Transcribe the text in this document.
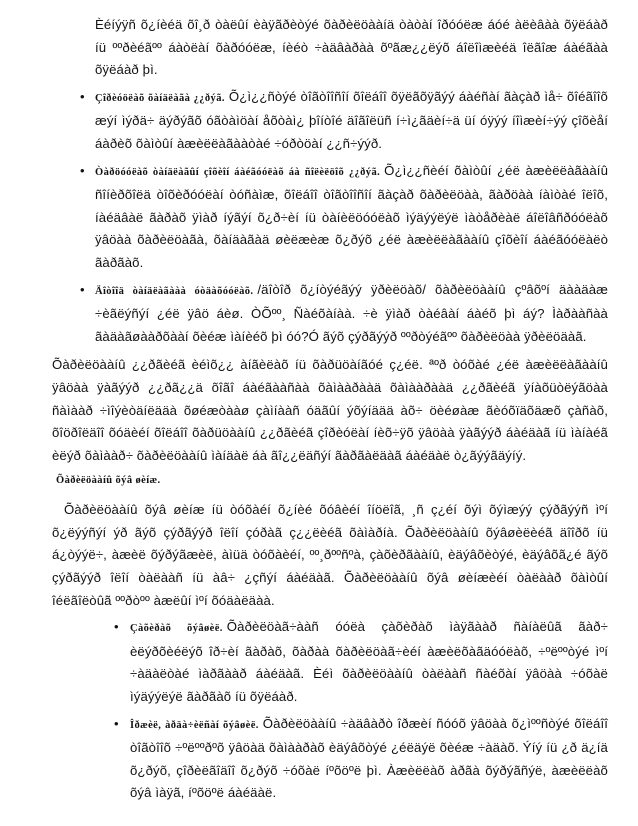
Èéíýÿñ õ¿íèéä õî¸ð òàëûí èàÿãðèòýé õàðèëöààíä òàòàí îðóóëæ áóé àëèâàà õÿëáàð íü ººðèéãºº áàòëàí õàðóóëæ, íèéò ÷àäâàðàà õºãæ¿¿ëýõ áîëîìæèéä îëãîæ áàéãàà õÿëáàð þì.

• Çîðèóöëàõ õàíäëàãà ¿¿ðýã. Õ¿ì¿¿ñòýé òîãòîîñîí õîëáîî õÿëãõÿãýý áàéñàí ãàçàð ìå÷ õîéãîîõ æýí ìýðä÷ äýðýãõ óãòàìöàí åõòàì¿ þîíòîé äîãîëüñ í÷ì¿ãäèí÷ä üí óÿýý íîìæèí÷ýý çîõèåí áàðèõ õàìòûí àæèëëàãààòàé ÷óðòöàí ¿¿ñ÷ýýð.

• Òàðöóóëàõ òàíäëàãûí çîõèîí áàéãóóëàõ áà ñîëèëöîõ ¿¿ðýã. Õ¿ì¿¿ñèéí õàìòûí ¿éë àæèëëàãààíû ñîíèðõîëä òîõèðóóëàí òóñàìæ, õîëáîî òîãòîîñîí ãàçàð õàðèëöàà, ãàðöàà íàìòàé îëîõ, íàéäâàë ãàðàõ ÿìàð íýãýí õ¿ð÷èí íü òàíèëöóóëàõ ìýäýýëýë ìàòåðèàë áîëîâñðóóëàõ ÿâöàà õàðèëöàãà, õàíäàãàä øèëæèæ õ¿ðýõ ¿éë àæèëëàãààíû çîõèîí áàéãóóëàëò ãàðãàõ.

• Äîòîîä òàíäëàãààà óòäàõóóëàõ. /äîòîð õ¿íòýéãýý ÿðèëöàõ/ õàðèëöààíû çºâõºí äààäàæ ÷èãëýñýí ¿éë ÿâö áèø. ÒÕºº¸ Ñàéõàíàà. ÷è ÿìàð òàéâàí áàéõ þì áý? Ìàðààñàà ãàäàãøààðõààí õèéæ ìàíèéõ þì óó?Ó ãýõ çýðãýýð ººðòýéãºº õàðèëöàà ÿðèëöäàã.

Õàðèëöààíû ¿¿ðãèéã èéìõ¿¿ àíãèëàõ íü õàðüöàíãóé ç¿éë. ªºð òóõàé ¿éë àæèëëàãààíû ÿâöàà ÿàãýýð ¿¿ðã¿¿ä õîãî áàéãààñàà õàìààðààä õàìààðààä ¿¿ðãèéã ÿíàõüòëýãöàà ñàìààð ÷ìîýèòäíëääà õøéæòààø çàìíààñ óäãûí ýõýíäää àõ÷ öèéøàæ ãèóõïäõäæõ çàñàõ, õîöðîëäîî õóäèéí õîëáîî õàðüöààíû ¿¿ðãèéã çîðèóëàí íèõ÷ÿõ ÿâöàà ÿàãýýð áàéäàã íü ìàíàéã èëýð õàìààð÷ õàðèëöààíû ìàíäàë áà ãî¿¿ëäñýí ãàðãàëäàã áàéäàë ò¿ãýýãäýíý.

Õàðèëöààíû õýâ øèíæ.

Õàðèëöààíû õýâ øèíæ íü òóõàéí õ¿íèé õóâèéí îíöëîã, ¸ñ ç¿éí õýì õýìæýý çýðãýýñ ìºí õ¿ëýýñýí ýð ãýõ çýðãýýð îëîí çóðàã ç¿¿ëèéã õàìàðíà. Õàðèëöààíû õýâøèëèéã äîîðõ íü á¿òýýë÷, àæèë õýðýãæèë, àìüä òóõàèéí, ºº¸ðººñºà, çàõèðãààíû, èäýâõèòýé, èäýâõã¿é ãýõ çýðãýýð îëîí òàëààñ íü àâ÷ ¿çñýí áàéäàã. Õàðèëöààíû õýâ øèíæèéí òàëààð õàìòûí îéëãîëòûã ººðòºº àæëûí ìºí õóäàëäàà.

• Çàõèðàõ õýâøèë. Õàðèëöàã÷ààñ óóëà çàõèðàõ ìàÿãààð ñàíàëûã ãàð÷ èëýðõèéëýõ îð÷èí ãàðàõ, õàðàà õàðèëöàã÷èéí àæèëõàãäóóëàõ, ÷ºëººòýé ìºí ÷àäàëòàé ìàðãààð áàéäàã. Èéì õàðèëöààíû òàëààñ ñàéõàí ÿâöàà ÷óõàë ìýäýýëýë ãàðãàõ íü õÿëáàð.

• Îðæèë, àðäà÷èëñàí õýâøèë. Õàðèëöààíû ÷àäâàðò îðæèí ñóóõ ÿâöàà õ¿ìººñòýé õîëáîî òîãòîîõ ÷ºëººðºõ ÿâöàä õàìààðàõ èäýâõòýé ¿éëäýë õèéæ ÷àäàõ. Ýíý íü ¿ð ä¿íä õ¿ðýõ, çîðèëãîäîî õ¿ðýõ ÷óõàë íºõöºë þì. Àæèëëàõ àðãà õýðýãñýë, àæèëëàõ õýâ ìàÿã, íºõöºë áàéäàë.
